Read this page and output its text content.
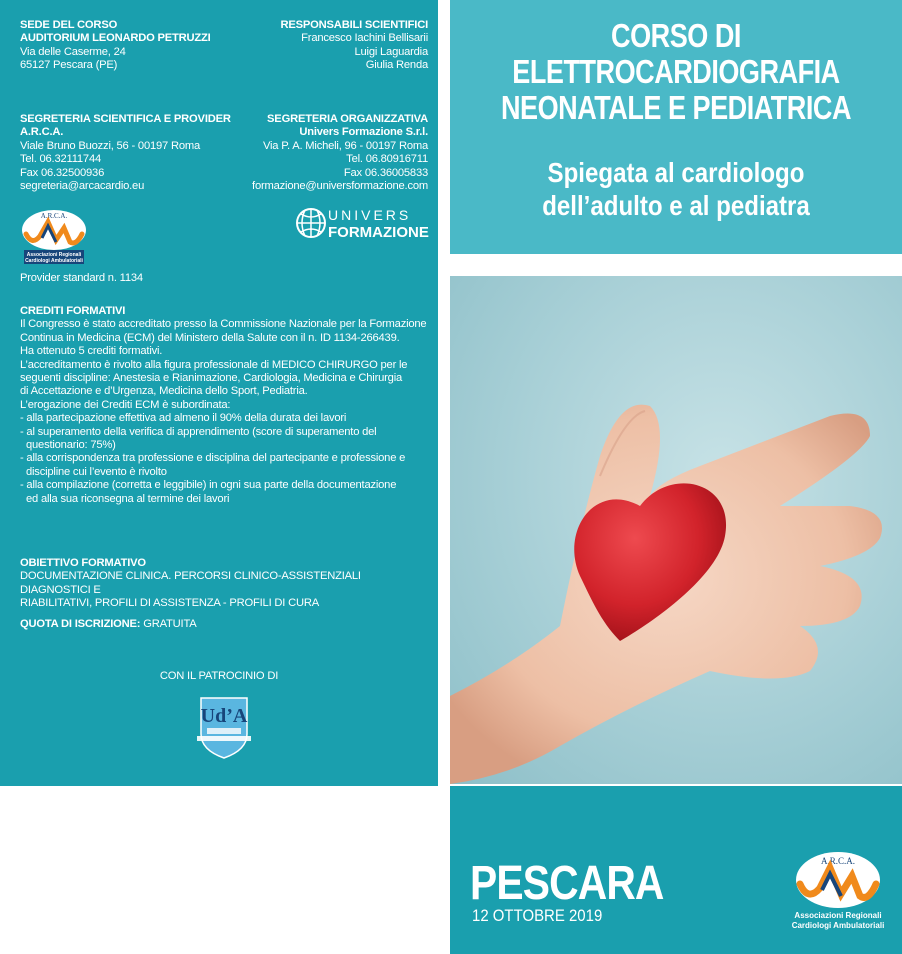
SEDE DEL CORSO
AUDITORIUM LEONARDO PETRUZZI
Via delle Caserme, 24
65127 Pescara (PE)
RESPONSABILI SCIENTIFICI
Francesco Iachini Bellisarii
Luigi Laguardia
Giulia Renda
SEGRETERIA SCIENTIFICA E PROVIDER
A.R.C.A.
Viale Bruno Buozzi, 56 - 00197 Roma
Tel. 06.32111744
Fax 06.32500936
segreteria@arcacardio.eu
SEGRETERIA ORGANIZZATIVA
Univers Formazione S.r.l.
Via P. A. Micheli, 96 - 00197 Roma
Tel. 06.80916711
Fax 06.36005833
formazione@universformazione.com
A.R.C.A.
Associazioni Regionali
Cardiologi Ambulatoriali
UNIVERS
FORMAZIONE
Provider standard n. 1134
CREDITI FORMATIVI
Il Congresso è stato accreditato presso la Commissione Nazionale per la Formazione
Continua in Medicina (ECM) del Ministero della Salute con il n. ID 1134-266439.
Ha ottenuto 5 crediti formativi.
L’accreditamento è rivolto alla figura professionale di MEDICO CHIRURGO per le
seguenti discipline: Anestesia e Rianimazione, Cardiologia, Medicina e Chirurgia
di Accettazione e d’Urgenza, Medicina dello Sport, Pediatria.
L’erogazione dei Crediti ECM è subordinata:
- alla partecipazione effettiva ad almeno il 90% della durata dei lavori
- al superamento della verifica di apprendimento (score di superamento del
questionario: 75%)
- alla corrispondenza tra professione e disciplina del partecipante e professione e
discipline cui l’evento è rivolto
- alla compilazione (corretta e leggibile) in ogni sua parte della documentazione
ed alla sua riconsegna al termine dei lavori
OBIETTIVO FORMATIVO
DOCUMENTAZIONE CLINICA. PERCORSI CLINICO-ASSISTENZIALI DIAGNOSTICI E
RIABILITATIVI, PROFILI DI ASSISTENZA - PROFILI DI CURA
QUOTA DI ISCRIZIONE: GRATUITA
CON IL PATROCINIO DI
Ud’A
CORSO DI
ELETTROCARDIOGRAFIA
NEONATALE E PEDIATRICA
Spiegata al cardiologo
dell’adulto e al pediatra
PESCARA
12 OTTOBRE 2019
A.R.C.A.
Associazioni Regionali
Cardiologi Ambulatoriali
